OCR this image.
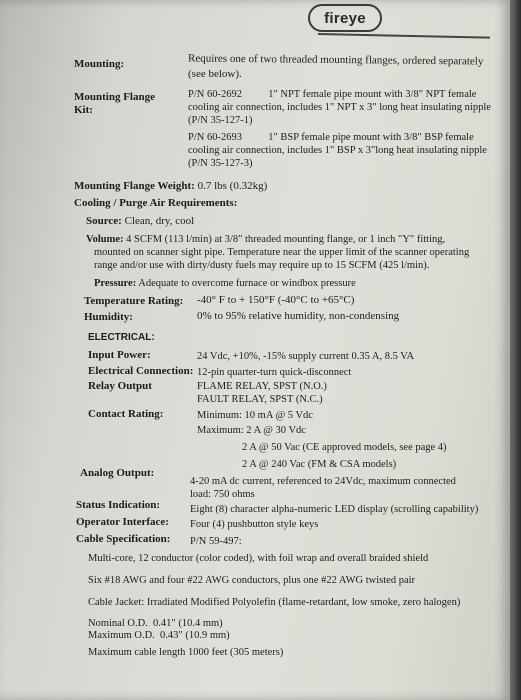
fireye
Mounting:	Requires one of two threaded mounting flanges, ordered separately
(see below).
Mounting Flange
Kit:
P/N 60-2692          1" NPT female pipe mount with 3/8" NPT female
cooling air connection, includes 1" NPT x 3" long heat insulating nipple
(P/N 35-127-1)
P/N 60-2693          1" BSP female pipe mount with 3/8" BSP female
cooling air connection, includes 1" BSP x 3"long heat insulating nipple
(P/N 35-127-3)
Mounting Flange Weight: 0.7 lbs (0.32kg)
Cooling / Purge Air Requirements:
Source: Clean, dry, cool
Volume: 4 SCFM (113 l/min) at 3/8" threaded mounting flange, or 1 inch "Y" fitting,
mounted on scanner sight pipe. Temperature near the upper limit of the scanner operating
range and/or use with dirty/dusty fuels may require up to 15 SCFM (425 l/min).
Pressure: Adequate to overcome furnace or windbox pressure
Temperature Rating: -40° F to + 150°F (-40°C to +65°C)
Humidity:	0% to 95% relative humidity, non-condensing
ELECTRICAL:
Input Power:	24 Vdc, +10%, -15% supply current 0.35 A, 8.5 VA
Electrical Connection: 12-pin quarter-turn quick-disconnect
Relay Output	FLAME RELAY, SPST (N.O.)
FAULT RELAY, SPST (N.C.)
Contact Rating:	Minimum: 10 mA @ 5 Vdc
Maximum: 2 A @ 30 Vdc
2 A @ 50 Vac (CE approved models, see page 4)
2 A @ 240 Vac (FM & CSA models)
Analog Output:
4-20 mA dc current, referenced to 24Vdc, maximum connected
load: 750 ohms
Status Indication:	Eight (8) character alpha-numeric LED display (scrolling capability)
Operator Interface: Four (4) pushbutton style keys
Cable Specification: P/N 59-497:
Multi-core, 12 conductor (color coded), with foil wrap and overall braided shield
Six #18 AWG and four #22 AWG conductors, plus one #22 AWG twisted pair
Cable Jacket: Irradiated Modified Polyolefin (flame-retardant, low smoke, zero halogen)
Nominal O.D.  0.41" (10.4 mm)
Maximum O.D.  0.43" (10.9 mm)
Maximum cable length 1000 feet (305 meters)
